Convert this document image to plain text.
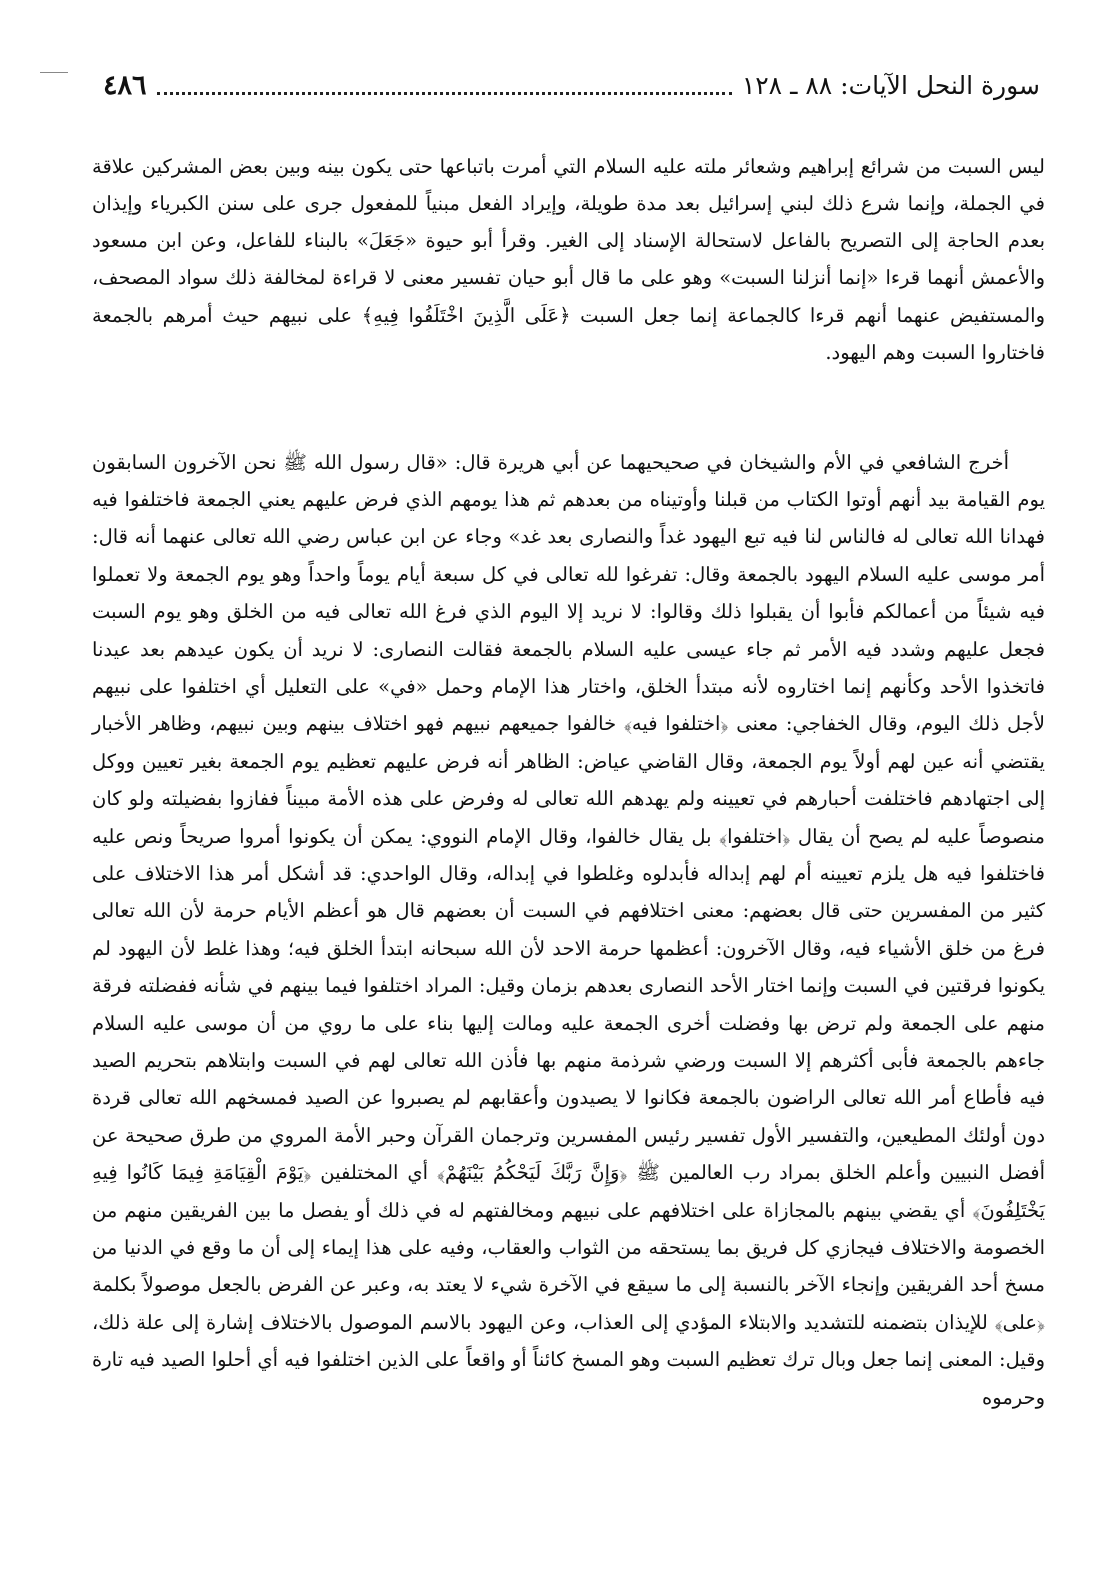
٤٨٦	سورة النحل الآيات: ٨٨ ـ ١٢٨

ليس السبت من شرائع إبراهيم وشعائر ملته عليه السلام التي أمرت باتباعها حتى يكون بينه وبين بعض المشركين علاقة في الجملة، وإنما شرع ذلك لبني إسرائيل بعد مدة طويلة، وإيراد الفعل مبنياً للمفعول جرى على سنن الكبرياء وإيذان بعدم الحاجة إلى التصريح بالفاعل لاستحالة الإسناد إلى الغير. وقرأ أبو حيوة «جَعَلَ» بالبناء للفاعل، وعن ابن مسعود والأعمش أنهما قرءا «إنما أنزلنا السبت» وهو على ما قال أبو حيان تفسير معنى لا قراءة لمخالفة ذلك سواد المصحف، والمستفيض عنهما أنهم قرءا كالجماعة إنما جعل السبت ﴿عَلَى الَّذِينَ اخْتَلَفُوا فِيهِ﴾ على نبيهم حيث أمرهم بالجمعة فاختاروا السبت وهم اليهود.

أخرج الشافعي في الأم والشيخان في صحيحيهما عن أبي هريرة قال: «قال رسول الله ﷺ نحن الآخرون السابقون يوم القيامة بيد أنهم أوتوا الكتاب من قبلنا وأوتيناه من بعدهم ثم هذا يومهم الذي فرض عليهم يعني الجمعة فاختلفوا فيه فهدانا الله تعالى له فالناس لنا فيه تبع اليهود غداً والنصارى بعد غد» وجاء عن ابن عباس رضي الله تعالى عنهما أنه قال: أمر موسى عليه السلام اليهود بالجمعة وقال: تفرغوا لله تعالى في كل سبعة أيام يوماً واحداً وهو يوم الجمعة ولا تعملوا فيه شيئاً من أعمالكم فأبوا أن يقبلوا ذلك وقالوا: لا نريد إلا اليوم الذي فرغ الله تعالى فيه من الخلق وهو يوم السبت فجعل عليهم وشدد فيه الأمر ثم جاء عيسى عليه السلام بالجمعة فقالت النصارى: لا نريد أن يكون عيدهم بعد عيدنا فاتخذوا الأحد وكأنهم إنما اختاروه لأنه مبتدأ الخلق، واختار هذا الإمام وحمل «في» على التعليل أي اختلفوا على نبيهم لأجل ذلك اليوم، وقال الخفاجي: معنى ﴿اختلفوا فيه﴾ خالفوا جميعهم نبيهم فهو اختلاف بينهم وبين نبيهم، وظاهر الأخبار يقتضي أنه عين لهم أولاً يوم الجمعة، وقال القاضي عياض: الظاهر أنه فرض عليهم تعظيم يوم الجمعة بغير تعيين ووكل إلى اجتهادهم فاختلفت أحبارهم في تعيينه ولم يهدهم الله تعالى له وفرض على هذه الأمة مبيناً ففازوا بفضيلته ولو كان منصوصاً عليه لم يصح أن يقال ﴿اختلفوا﴾ بل يقال خالفوا، وقال الإمام النووي: يمكن أن يكونوا أمروا صريحاً ونص عليه فاختلفوا فيه هل يلزم تعيينه أم لهم إبداله فأبدلوه وغلطوا في إبداله، وقال الواحدي: قد أشكل أمر هذا الاختلاف على كثير من المفسرين حتى قال بعضهم: معنى اختلافهم في السبت أن بعضهم قال هو أعظم الأيام حرمة لأن الله تعالى فرغ من خلق الأشياء فيه، وقال الآخرون: أعظمها حرمة الاحد لأن الله سبحانه ابتدأ الخلق فيه؛ وهذا غلط لأن اليهود لم يكونوا فرقتين في السبت وإنما اختار الأحد النصارى بعدهم بزمان وقيل: المراد اختلفوا فيما بينهم في شأنه ففضلته فرقة منهم على الجمعة ولم ترض بها وفضلت أخرى الجمعة عليه ومالت إليها بناء على ما روي من أن موسى عليه السلام جاءهم بالجمعة فأبى أكثرهم إلا السبت ورضي شرذمة منهم بها فأذن الله تعالى لهم في السبت وابتلاهم بتحريم الصيد فيه فأطاع أمر الله تعالى الراضون بالجمعة فكانوا لا يصيدون وأعقابهم لم يصبروا عن الصيد فمسخهم الله تعالى قردة دون أولئك المطيعين، والتفسير الأول تفسير رئيس المفسرين وترجمان القرآن وحبر الأمة المروي من طرق صحيحة عن أفضل النبيين وأعلم الخلق بمراد رب العالمين ﷺ ﴿وَإِنَّ رَبَّكَ لَيَحْكُمُ بَيْنَهُمْ﴾ أي المختلفين ﴿يَوْمَ الْقِيَامَةِ فِيمَا كَانُوا فِيهِ يَخْتَلِفُونَ﴾ أي يقضي بينهم بالمجازاة على اختلافهم على نبيهم ومخالفتهم له في ذلك أو يفصل ما بين الفريقين منهم من الخصومة والاختلاف فيجازي كل فريق بما يستحقه من الثواب والعقاب، وفيه على هذا إيماء إلى أن ما وقع في الدنيا من مسخ أحد الفريقين وإنجاء الآخر بالنسبة إلى ما سيقع في الآخرة شيء لا يعتد به، وعبر عن الفرض بالجعل موصولاً بكلمة ﴿على﴾ للإيذان بتضمنه للتشديد والابتلاء المؤدي إلى العذاب، وعن اليهود بالاسم الموصول بالاختلاف إشارة إلى علة ذلك، وقيل: المعنى إنما جعل وبال ترك تعظيم السبت وهو المسخ كائناً أو واقعاً على الذين اختلفوا فيه أي أحلوا الصيد فيه تارة وحرموه
